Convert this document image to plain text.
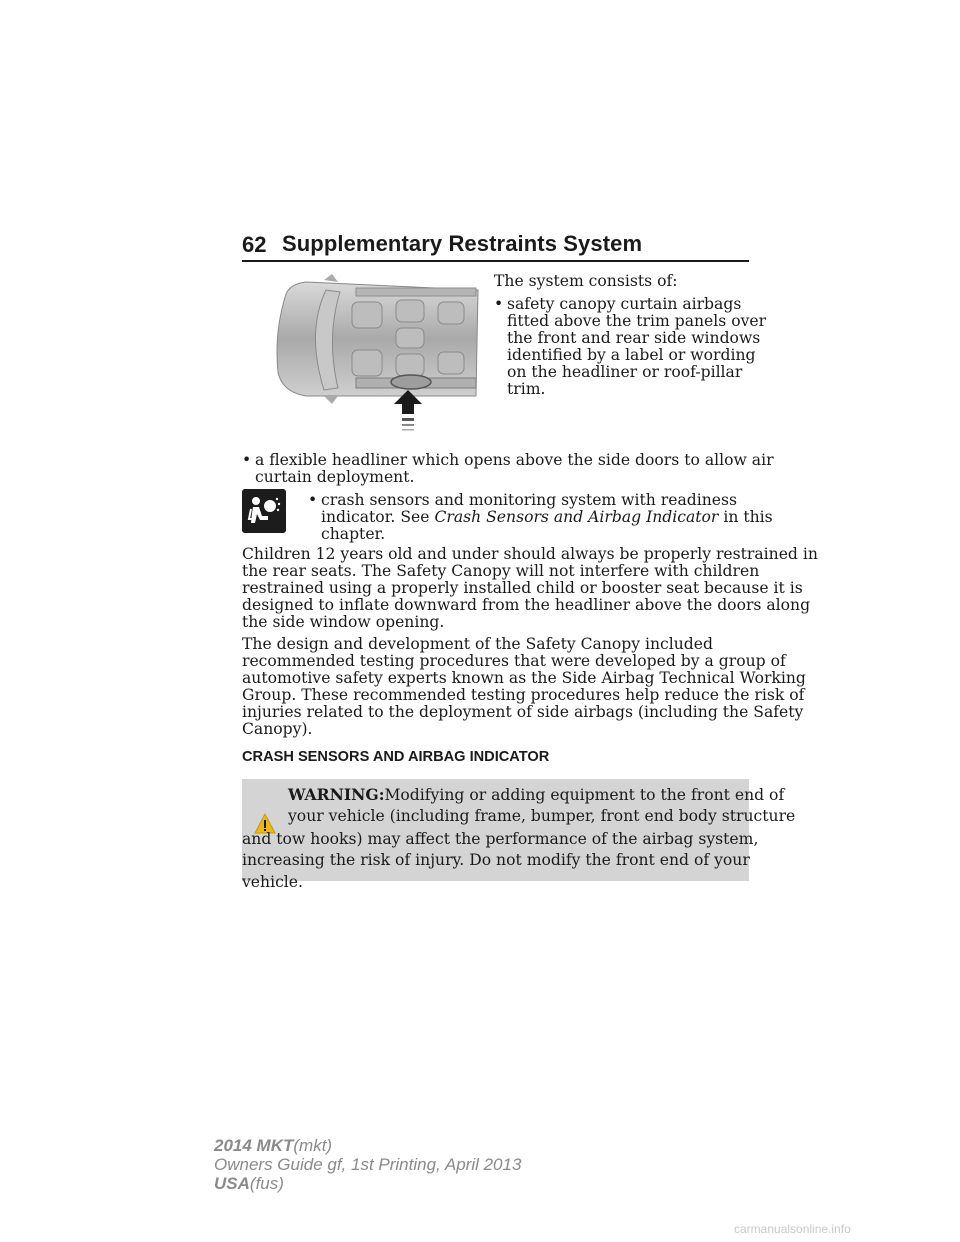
62 Supplementary Restraints System
The system consists of:
• safety canopy curtain airbags
fitted above the trim panels over
the front and rear side windows
identified by a label or wording
on the headliner or roof-pillar
trim.
• a flexible headliner which opens above the side doors to allow air
curtain deployment.
• crash sensors and monitoring system with readiness
indicator. See Crash Sensors and Airbag Indicator in this
chapter.
Children 12 years old and under should always be properly restrained in
the rear seats. The Safety Canopy will not interfere with children
restrained using a properly installed child or booster seat because it is
designed to inflate downward from the headliner above the doors along
the side window opening.
The design and development of the Safety Canopy included
recommended testing procedures that were developed by a group of
automotive safety experts known as the Side Airbag Technical Working
Group. These recommended testing procedures help reduce the risk of
injuries related to the deployment of side airbags (including the Safety
Canopy).
CRASH SENSORS AND AIRBAG INDICATOR
WARNING:Modifying or adding equipment to the front end of
your vehicle (including frame, bumper, front end body structure
and tow hooks) may affect the performance of the airbag system,
increasing the risk of injury. Do not modify the front end of your
vehicle.
2014 MKT(mkt)
Owners Guide gf, 1st Printing, April 2013
USA(fus)
carmanualsonline.info
